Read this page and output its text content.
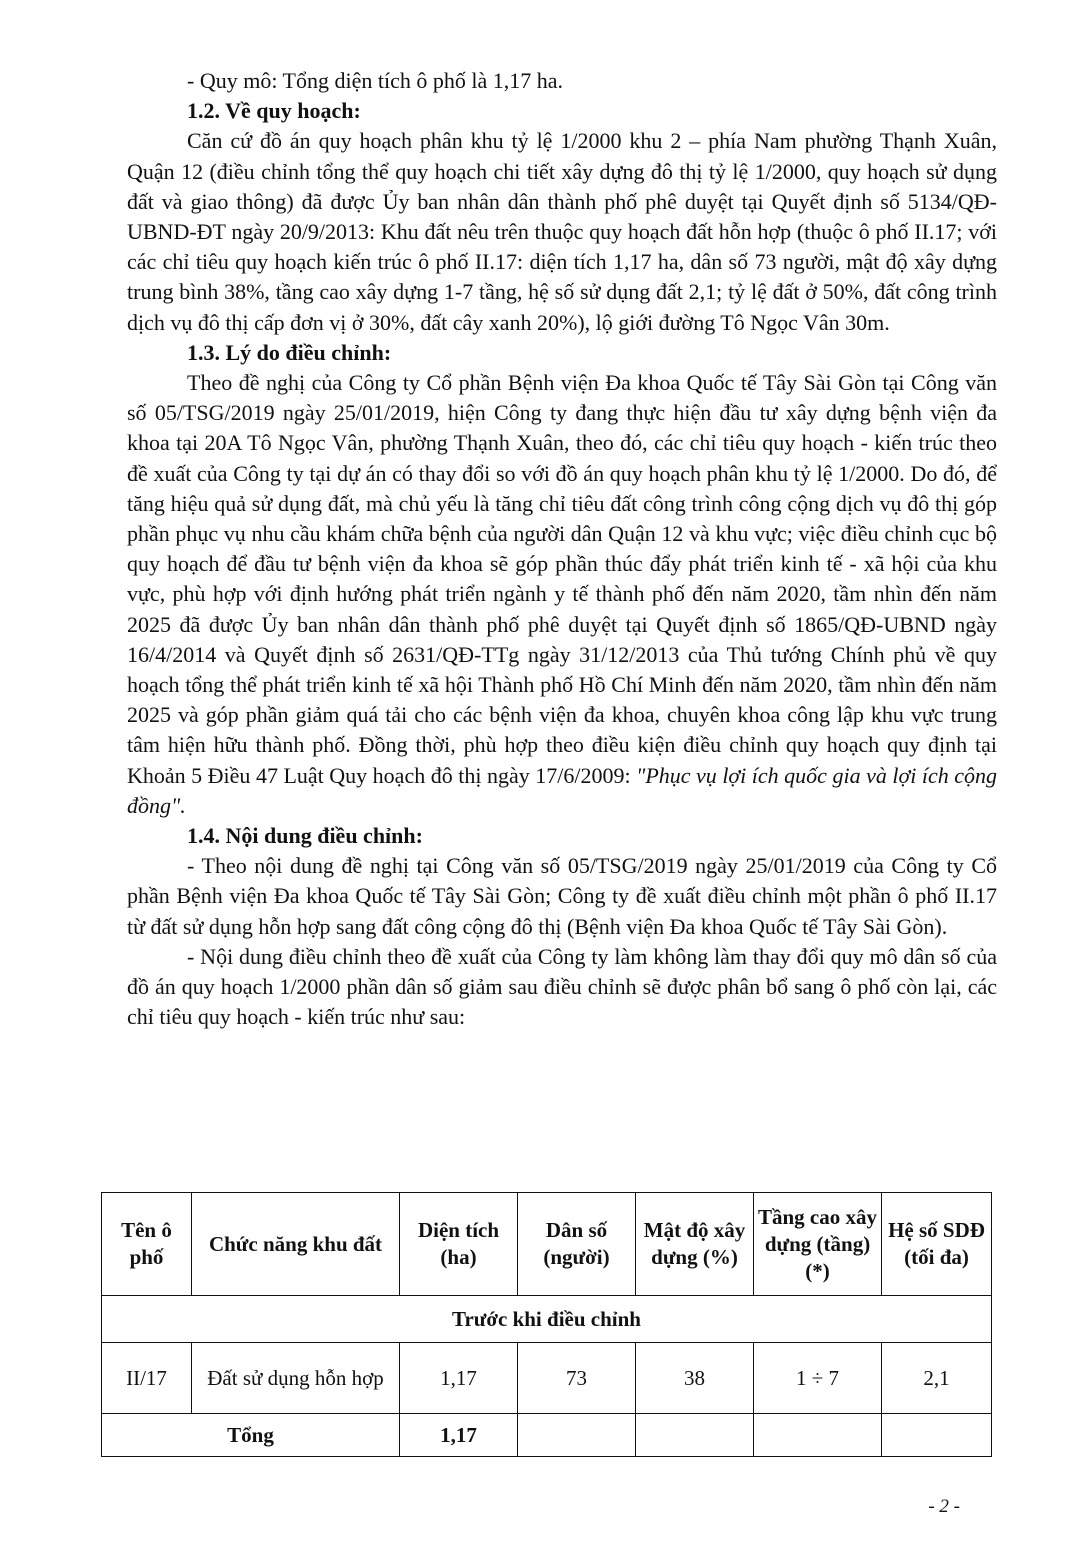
- Quy mô: Tổng diện tích ô phố là 1,17 ha.

1.2. Về quy hoạch:

Căn cứ đồ án quy hoạch phân khu tỷ lệ 1/2000 khu 2 – phía Nam phường Thạnh Xuân, Quận 12 (điều chỉnh tổng thể quy hoạch chi tiết xây dựng đô thị tỷ lệ 1/2000, quy hoạch sử dụng đất và giao thông) đã được Ủy ban nhân dân thành phố phê duyệt tại Quyết định số 5134/QĐ-UBND-ĐT ngày 20/9/2013: Khu đất nêu trên thuộc quy hoạch đất hỗn hợp (thuộc ô phố II.17; với các chỉ tiêu quy hoạch kiến trúc ô phố II.17: diện tích 1,17 ha, dân số 73 người, mật độ xây dựng trung bình 38%, tầng cao xây dựng 1-7 tầng, hệ số sử dụng đất 2,1; tỷ lệ đất ở 50%, đất công trình dịch vụ đô thị cấp đơn vị ở 30%, đất cây xanh 20%), lộ giới đường Tô Ngọc Vân 30m.

1.3. Lý do điều chỉnh:

Theo đề nghị của Công ty Cổ phần Bệnh viện Đa khoa Quốc tế Tây Sài Gòn tại Công văn số 05/TSG/2019 ngày 25/01/2019, hiện Công ty đang thực hiện đầu tư xây dựng bệnh viện đa khoa tại 20A Tô Ngọc Vân, phường Thạnh Xuân, theo đó, các chỉ tiêu quy hoạch - kiến trúc theo đề xuất của Công ty tại dự án có thay đổi so với đồ án quy hoạch phân khu tỷ lệ 1/2000. Do đó, để tăng hiệu quả sử dụng đất, mà chủ yếu là tăng chỉ tiêu đất công trình công cộng dịch vụ đô thị góp phần phục vụ nhu cầu khám chữa bệnh của người dân Quận 12 và khu vực; việc điều chỉnh cục bộ quy hoạch để đầu tư bệnh viện đa khoa sẽ góp phần thúc đẩy phát triển kinh tế - xã hội của khu vực, phù hợp với định hướng phát triển ngành y tế thành phố đến năm 2020, tầm nhìn đến năm 2025 đã được Ủy ban nhân dân thành phố phê duyệt tại Quyết định số 1865/QĐ-UBND ngày 16/4/2014 và Quyết định số 2631/QĐ-TTg ngày 31/12/2013 của Thủ tướng Chính phủ về quy hoạch tổng thể phát triển kinh tế xã hội Thành phố Hồ Chí Minh đến năm 2020, tầm nhìn đến năm 2025 và góp phần giảm quá tải cho các bệnh viện đa khoa, chuyên khoa công lập khu vực trung tâm hiện hữu thành phố. Đồng thời, phù hợp theo điều kiện điều chỉnh quy hoạch quy định tại Khoản 5 Điều 47 Luật Quy hoạch đô thị ngày 17/6/2009: "Phục vụ lợi ích quốc gia và lợi ích cộng đồng".

1.4. Nội dung điều chỉnh:

- Theo nội dung đề nghị tại Công văn số 05/TSG/2019 ngày 25/01/2019 của Công ty Cổ phần Bệnh viện Đa khoa Quốc tế Tây Sài Gòn; Công ty đề xuất điều chỉnh một phần ô phố II.17 từ đất sử dụng hỗn hợp sang đất công cộng đô thị (Bệnh viện Đa khoa Quốc tế Tây Sài Gòn).

- Nội dung điều chỉnh theo đề xuất của Công ty làm không làm thay đổi quy mô dân số của đồ án quy hoạch 1/2000 phần dân số giảm sau điều chỉnh sẽ được phân bổ sang ô phố còn lại, các chỉ tiêu quy hoạch - kiến trúc như sau:

Tên ô phố	Chức năng khu đất	Diện tích (ha)	Dân số (người)	Mật độ xây dựng (%)	Tầng cao xây dựng (tầng) (*)	Hệ số SDĐ (tối đa)
Trước khi điều chỉnh						
II/17	Đất sử dụng hỗn hợp	1,17	73	38	1 ÷ 7	2,1
Tổng		1,17				
- 2 -
